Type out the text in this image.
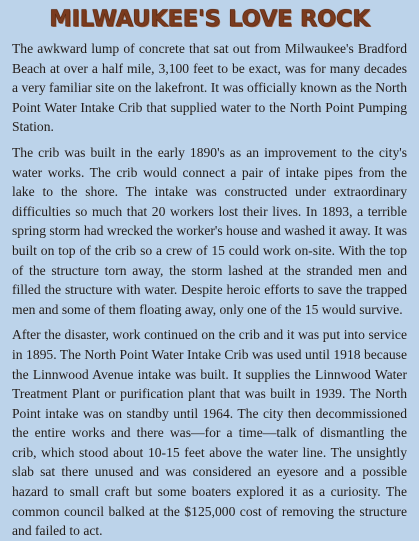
MILWAUKEE'S LOVE ROCK

The awkward lump of concrete that sat out from Milwaukee's Bradford Beach at over a half mile, 3,100 feet to be exact, was for many decades a very familiar site on the lakefront. It was officially known as the North Point Water Intake Crib that supplied water to the North Point Pumping Station.

The crib was built in the early 1890's as an improvement to the city's water works. The crib would connect a pair of intake pipes from the lake to the shore. The intake was constructed under extraordinary difficulties so much that 20 workers lost their lives. In 1893, a terrible spring storm had wrecked the worker's house and washed it away. It was built on top of the crib so a crew of 15 could work on-site. With the top of the structure torn away, the storm lashed at the stranded men and filled the structure with water. Despite heroic efforts to save the trapped men and some of them floating away, only one of the 15 would survive.

After the disaster, work continued on the crib and it was put into service in 1895. The North Point Water Intake Crib was used until 1918 because the Linnwood Avenue intake was built. It supplies the Linnwood Water Treatment Plant or purification plant that was built in 1939. The North Point intake was on standby until 1964. The city then decommissioned the entire works and there was—for a time—talk of dismantling the crib, which stood about 10-15 feet above the water line. The unsightly slab sat there unused and was considered an eyesore and a possible hazard to small craft but some boaters explored it as a curiosity. The common council balked at the $125,000 cost of removing the structure and failed to act.
